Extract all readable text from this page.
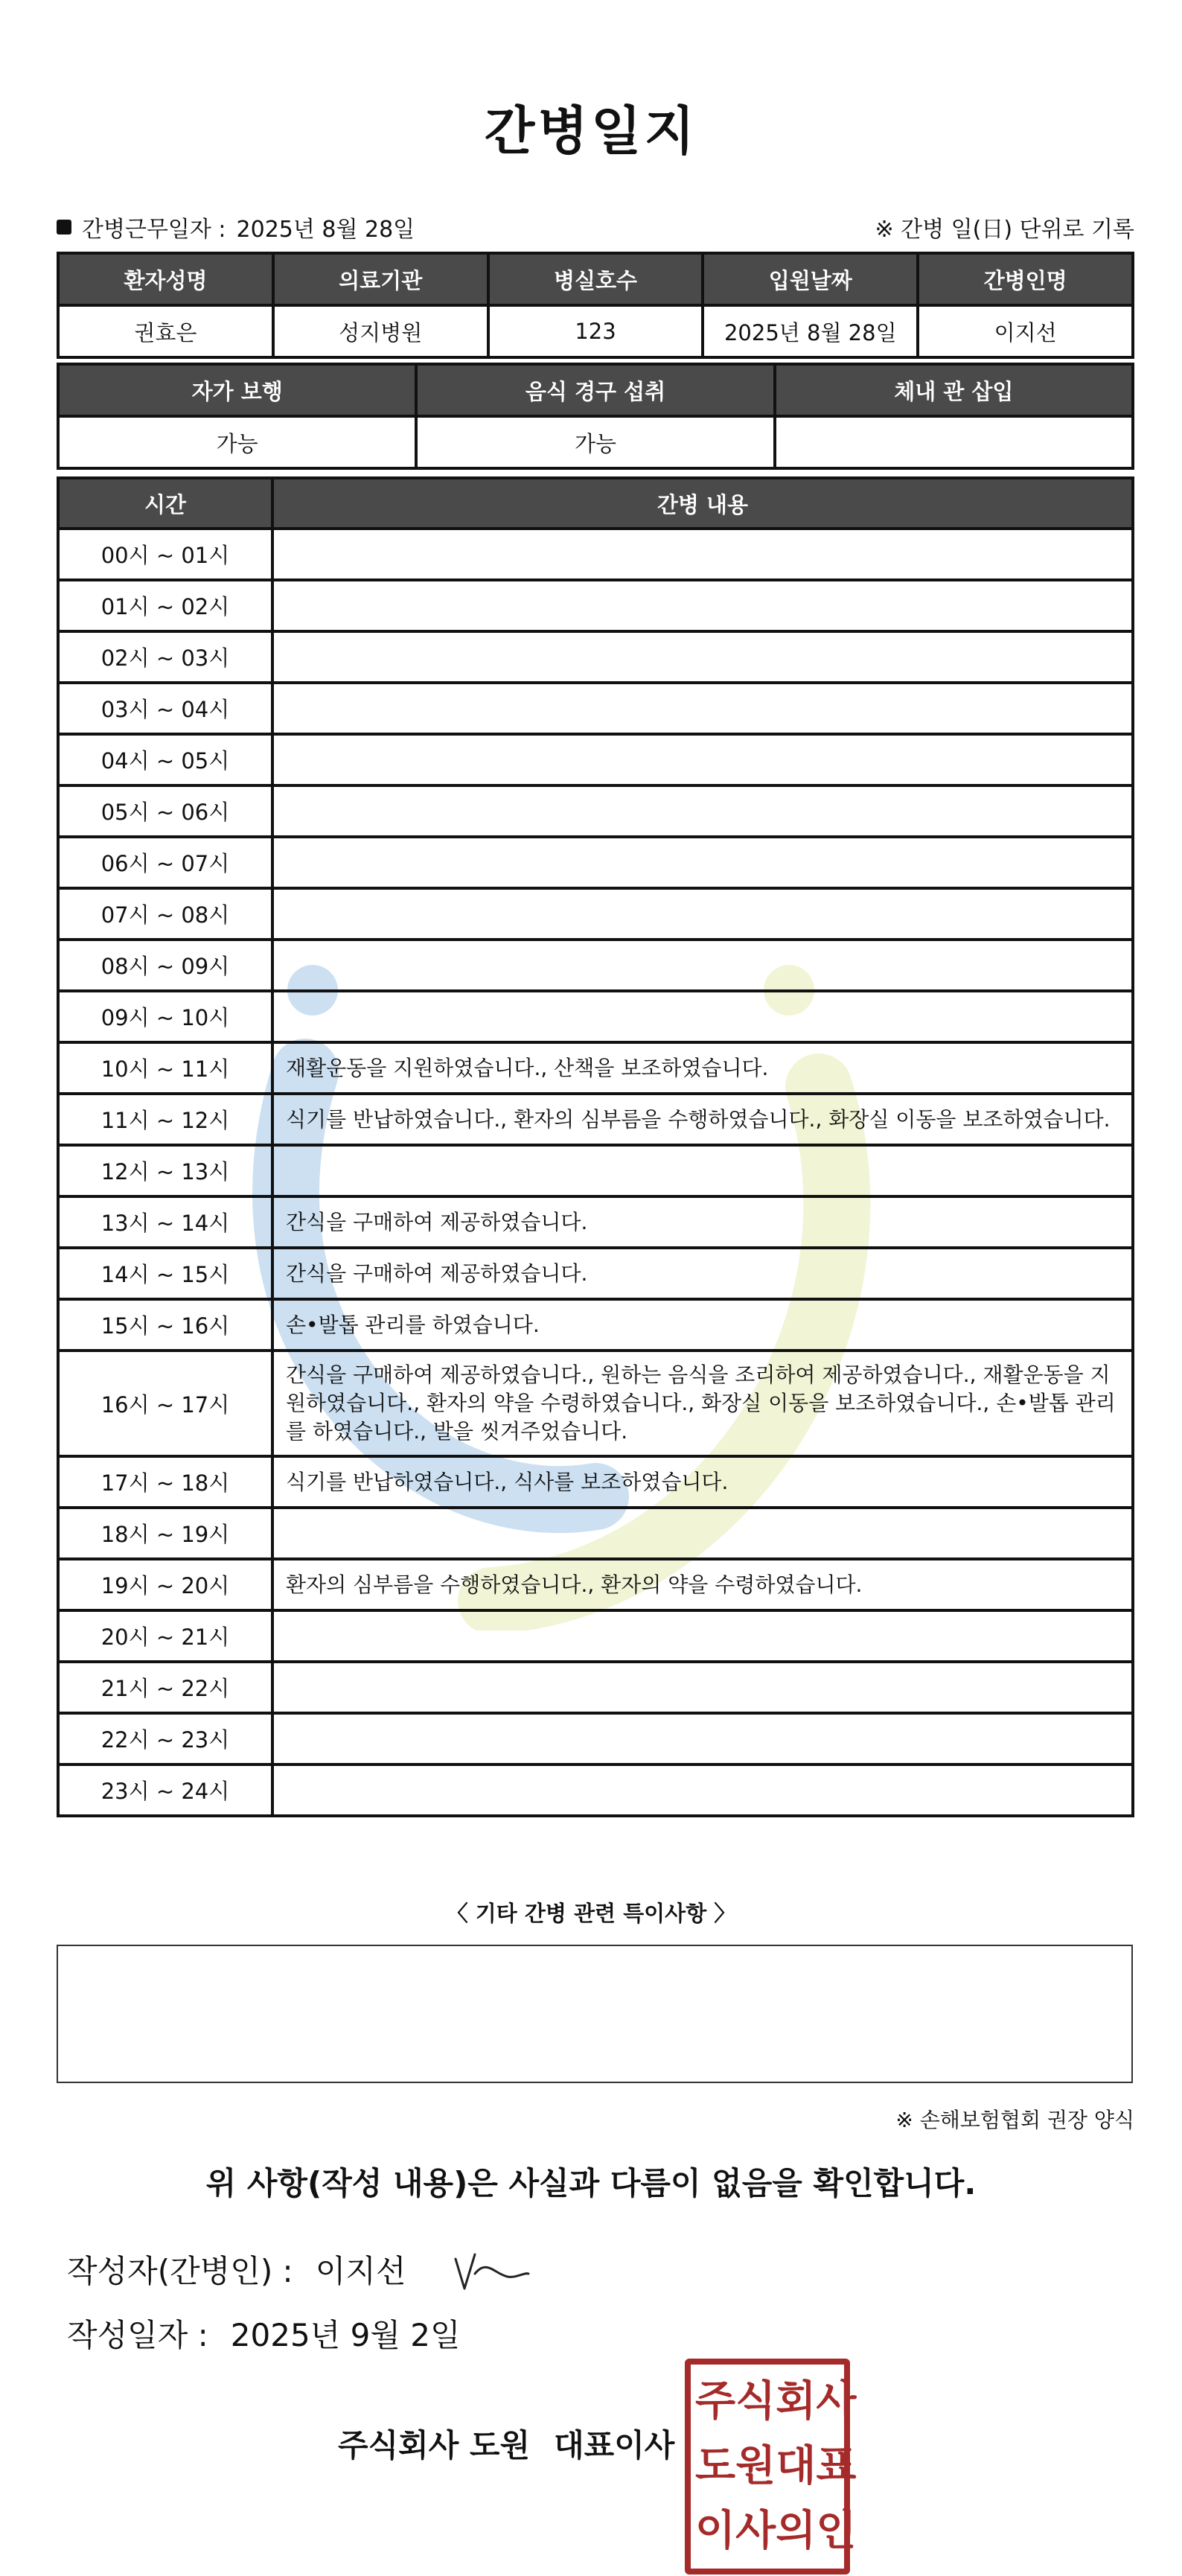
간병일지
간병근무일자 : 2025년 8월 28일	※ 간병 일(日) 단위로 기록
환자성명	의료기관	병실호수	입원날짜	간병인명
권효은	성지병원	123	2025년 8월 28일	이지선
자가 보행	음식 경구 섭취	체내 관 삽입
가능	가능	
시간	간병 내용
00시 ~ 01시	
01시 ~ 02시	
02시 ~ 03시	
03시 ~ 04시	
04시 ~ 05시	
05시 ~ 06시	
06시 ~ 07시	
07시 ~ 08시	
08시 ~ 09시	
09시 ~ 10시	
10시 ~ 11시	재활운동을 지원하였습니다., 산책을 보조하였습니다.
11시 ~ 12시	식기를 반납하였습니다., 환자의 심부름을 수행하였습니다., 화장실 이동을 보조하였습니다.
12시 ~ 13시	
13시 ~ 14시	간식을 구매하여 제공하였습니다.
14시 ~ 15시	간식을 구매하여 제공하였습니다.
15시 ~ 16시	손•발톱 관리를 하였습니다.
16시 ~ 17시	간식을 구매하여 제공하였습니다., 원하는 음식을 조리하여 제공하였습니다., 재활운동을 지원하였습니다., 환자의 약을 수령하였습니다., 화장실 이동을 보조하였습니다., 손•발톱 관리를 하였습니다., 발을 씻겨주었습니다.
17시 ~ 18시	식기를 반납하였습니다., 식사를 보조하였습니다.
18시 ~ 19시	
19시 ~ 20시	환자의 심부름을 수행하였습니다., 환자의 약을 수령하였습니다.
20시 ~ 21시	
21시 ~ 22시	
22시 ~ 23시	
23시 ~ 24시	
〈 기타 간병 관련 특이사항 〉
※ 손해보험협회 권장 양식
위 사항(작성 내용)은 사실과 다름이 없음을 확인합니다.
작성자(간병인) : 이지선
작성일자 : 2025년 9월 2일
주식회사 도원 대표이사
주 식 회 사
도 원 대 표
이 사 의 인
